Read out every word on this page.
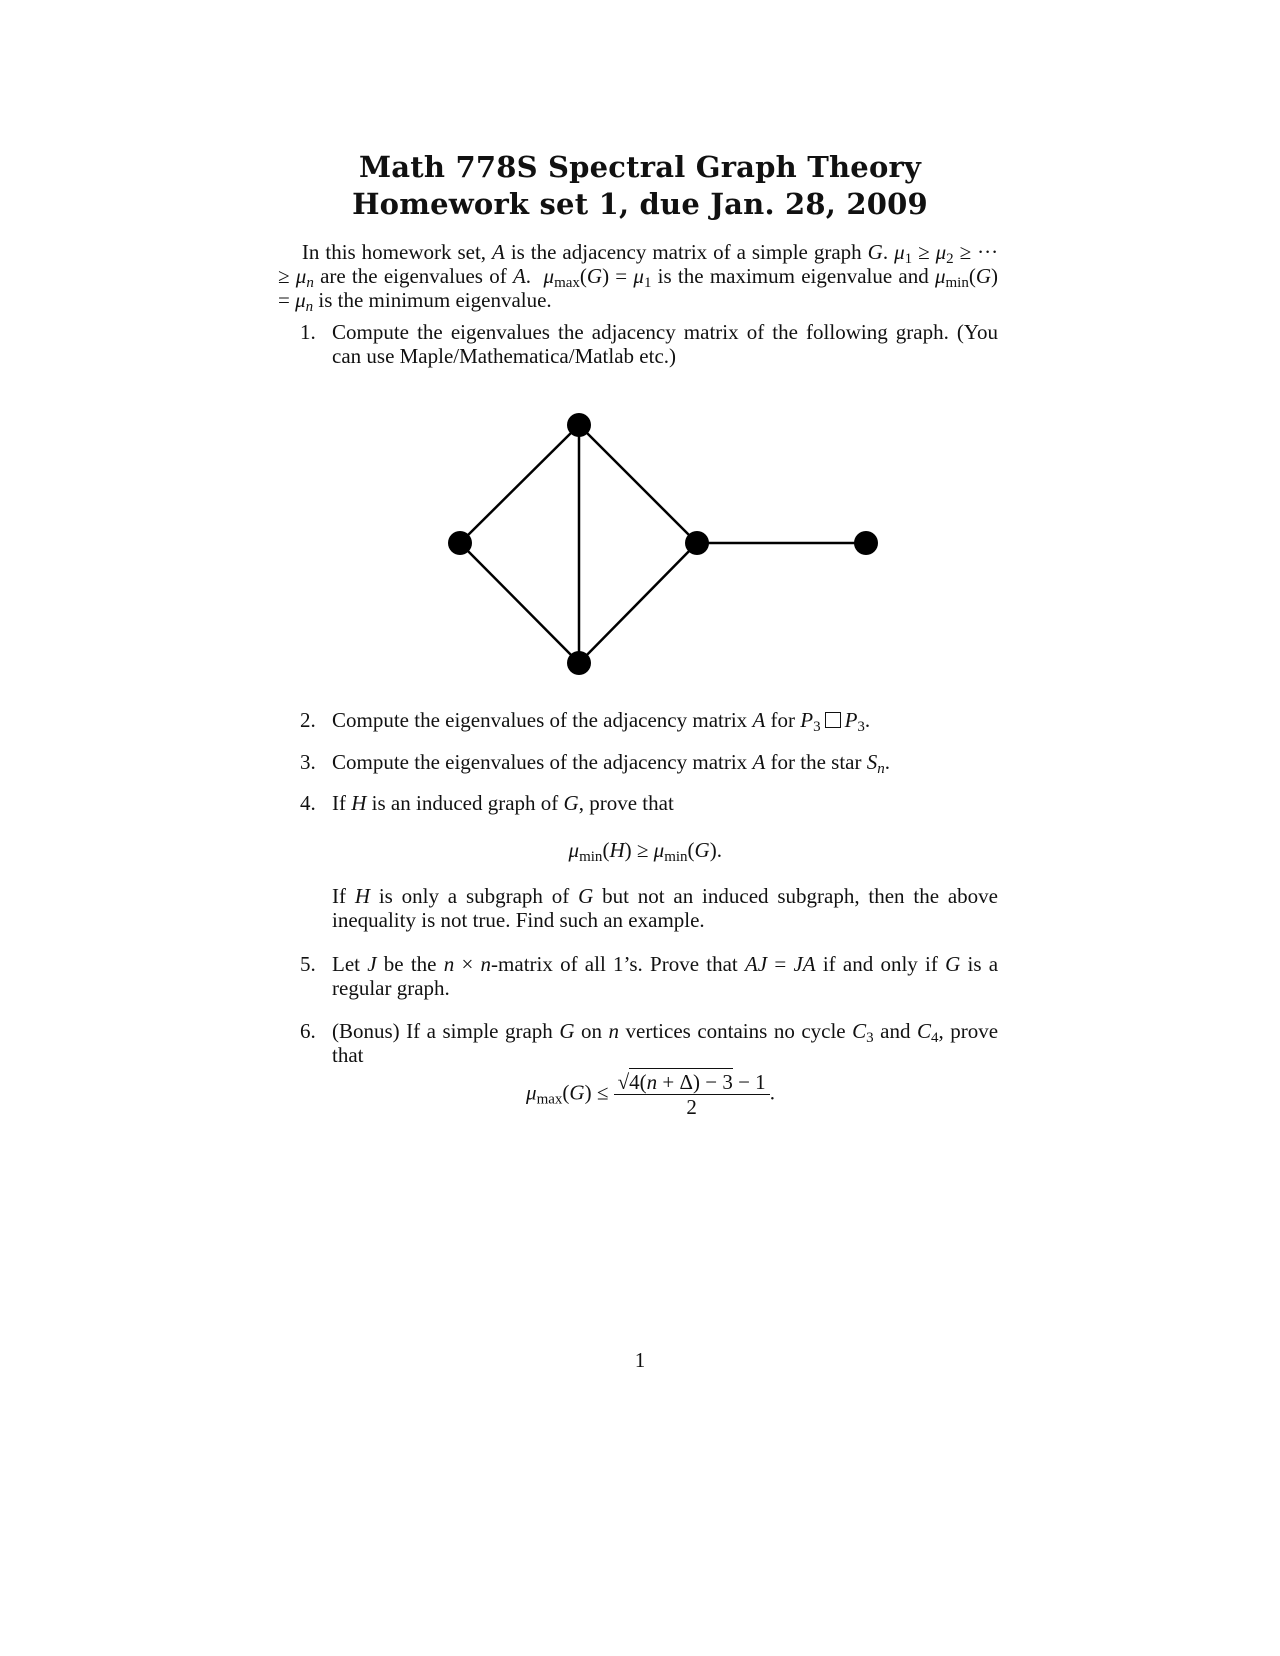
Math 778S Spectral Graph Theory
Homework set 1, due Jan. 28, 2009
In this homework set, A is the adjacency matrix of a simple graph G. $\mu_1 \ge \mu_2$ ≥ ··· ≥ $\mu_n$ are the eigenvalues of A.  $\mu_{max}(G) = \mu_1$ is the maximum eigenvalue and $\mu_{min}(G) = \mu_n$ is the minimum eigenvalue.
1. Compute the eigenvalues the adjacency matrix of the following graph. (You can use Maple/Mathematica/Matlab etc.)
2. Compute the eigenvalues of the adjacency matrix A for $P_3$ $P_3$.
3. Compute the eigenvalues of the adjacency matrix A for the star $S_n$.
4. If H is an induced graph of G, prove that
$\mu_{min}(H) \ge \mu_{min}(G)$.
If H is only a subgraph of G but not an induced subgraph, then the above inequality is not true. Find such an example.
5. Let J be the n × n-matrix of all 1’s. Prove that AJ = JA if and only if G is a regular graph.
6. (Bonus) If a simple graph G on n vertices contains no cycle $C_3$ and $C_4$, prove that
$\mu_{max}(G) \le \frac{√4(n + \Delta) - 3 - 1}{2}$ .
1
